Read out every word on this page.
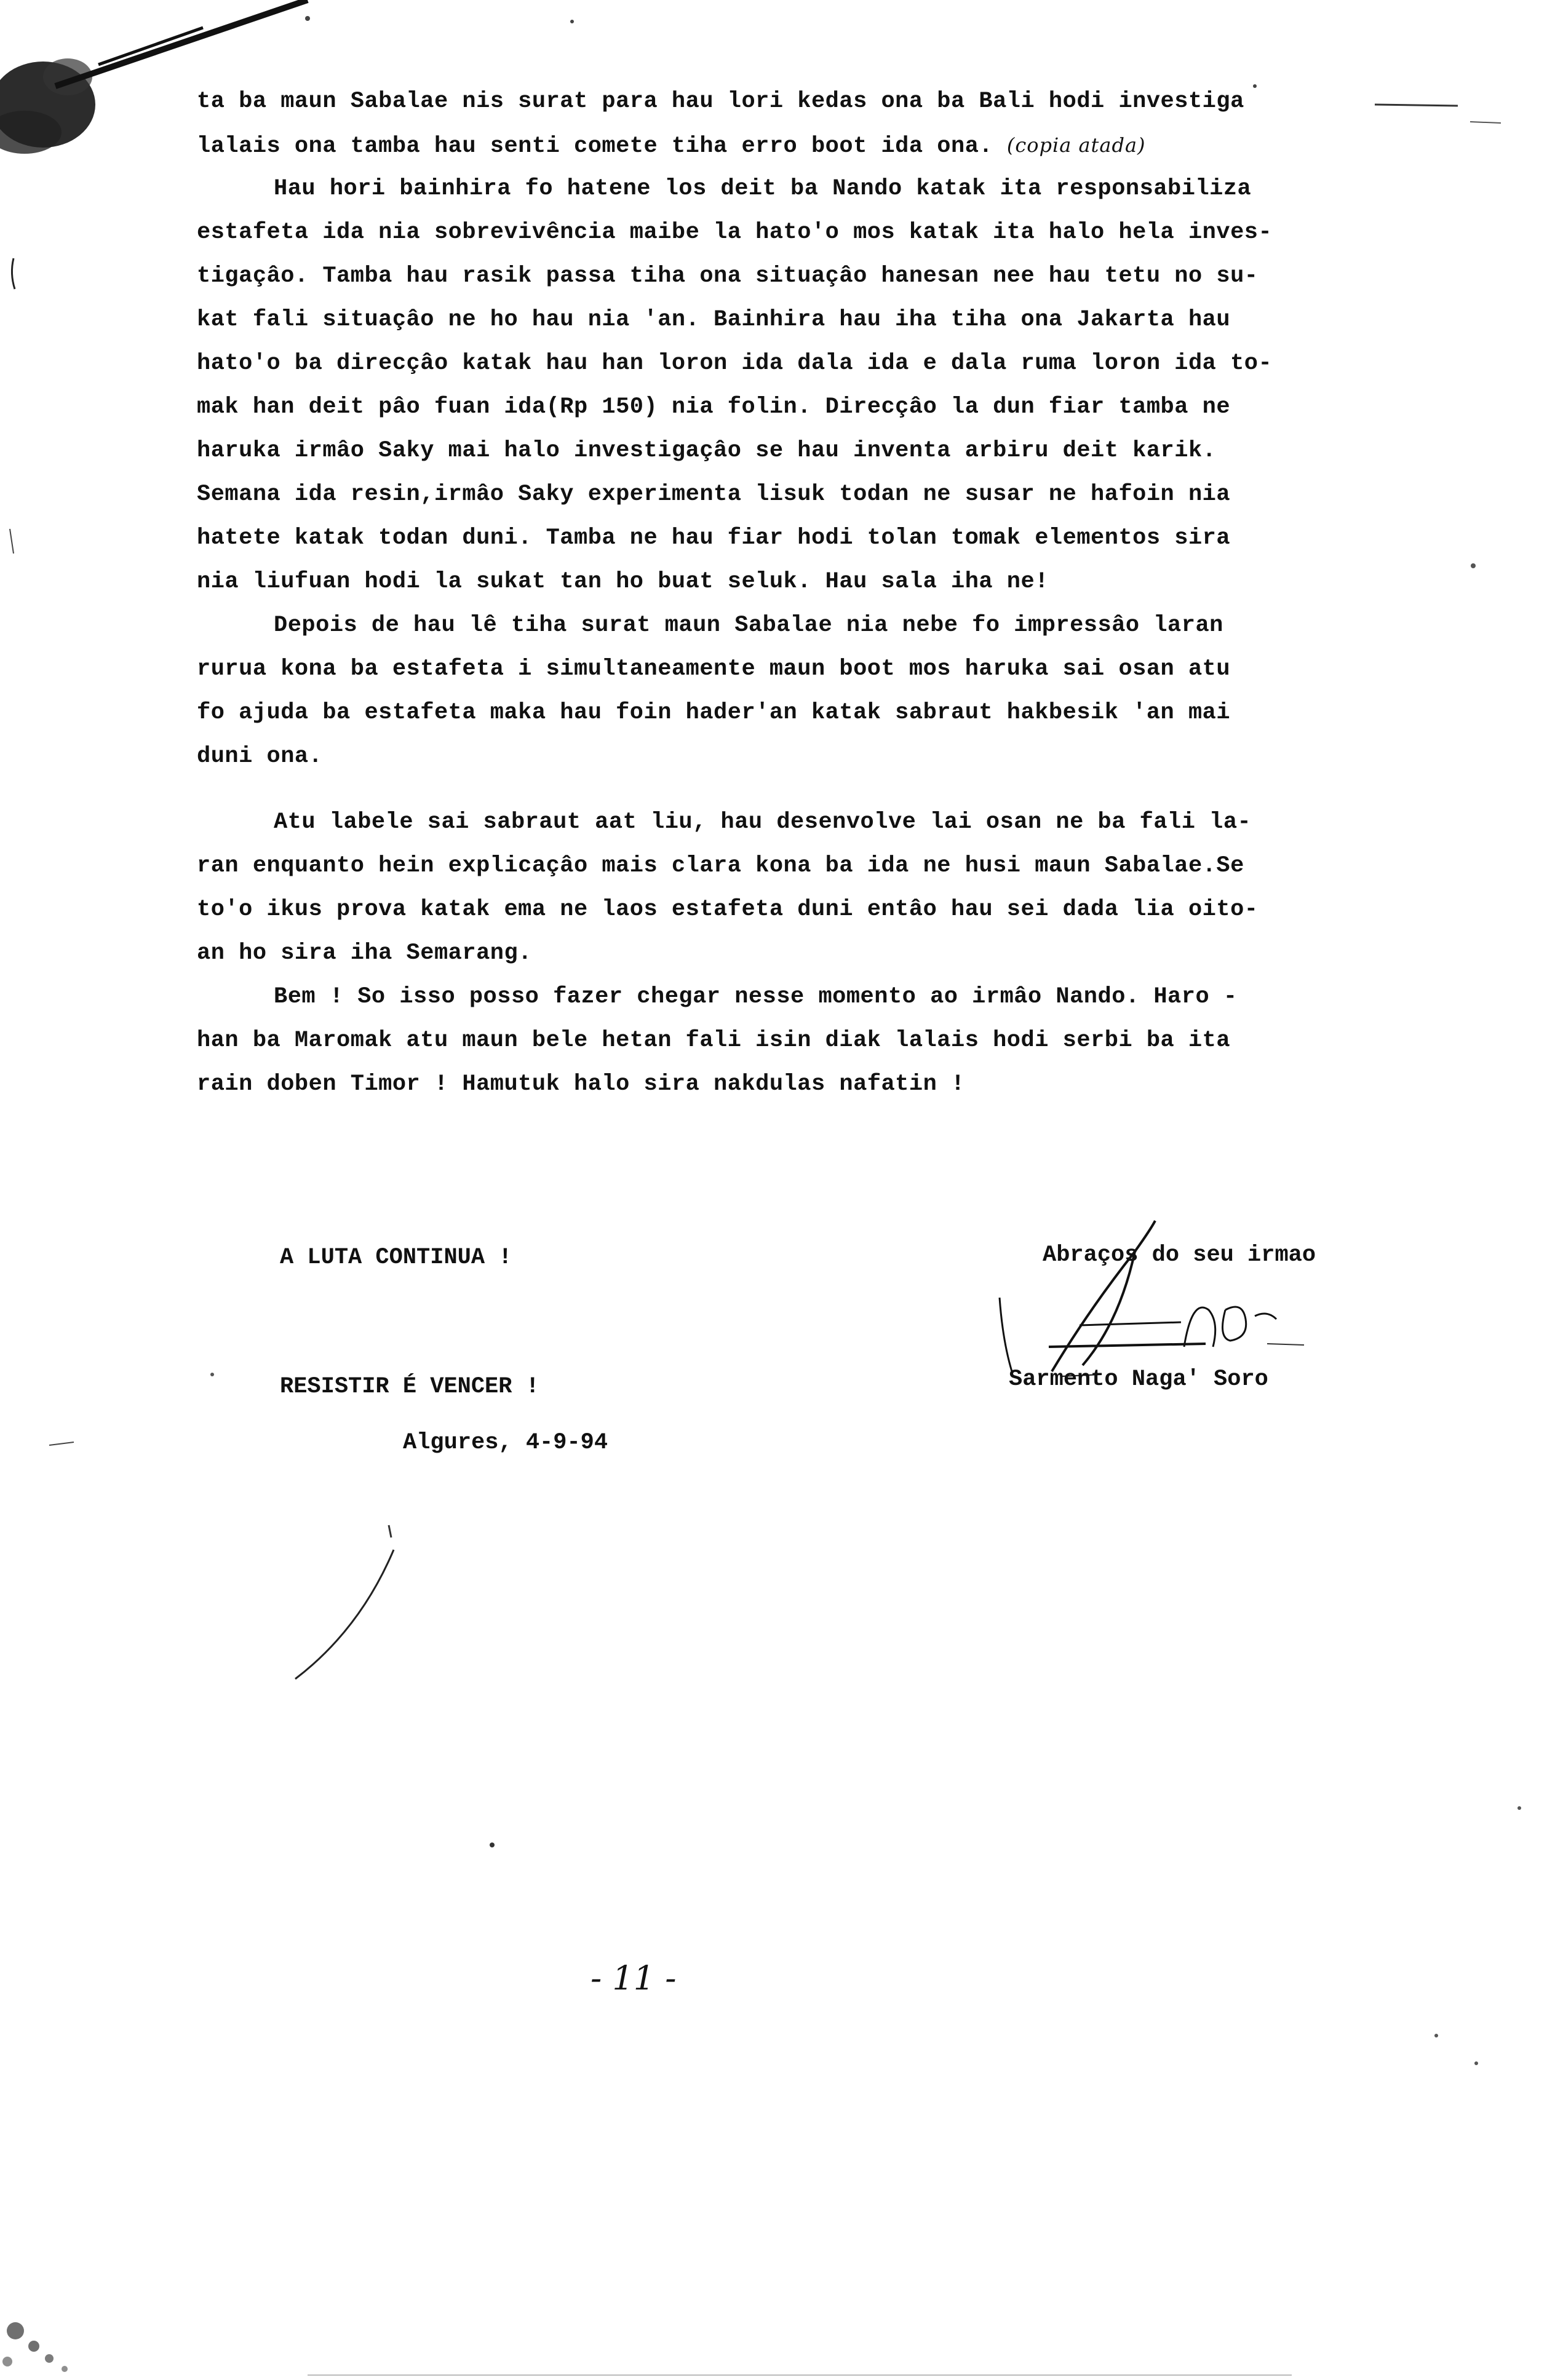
ta ba maun Sabalae nis surat para hau lori kedas ona ba Bali hodi investiga
lalais ona tamba hau senti comete tiha erro boot ida ona. (copia atada)
Hau hori bainhira fo hatene los deit ba Nando katak ita responsabiliza
estafeta ida nia sobrevivência maibe la hato'o mos katak ita halo hela inves-
tigaçâo. Tamba hau rasik passa tiha ona situaçâo hanesan nee hau tetu no su-
kat fali situaçâo ne ho hau nia 'an. Bainhira hau iha tiha ona Jakarta hau
hato'o ba direcçâo katak hau han loron ida dala ida e dala ruma loron ida to-
mak han deit pâo fuan ida(Rp 150) nia folin. Direcçâo la dun fiar tamba ne
haruka irmâo Saky mai halo investigaçâo se hau inventa arbiru deit karik.
Semana ida resin,irmâo Saky experimenta lisuk todan ne susar ne hafoin nia
hatete katak todan duni. Tamba ne hau fiar hodi tolan tomak elementos sira
nia liufuan hodi la sukat tan ho buat seluk. Hau sala iha ne!
Depois de hau lê tiha surat maun Sabalae nia nebe fo impressâo laran
rurua kona ba estafeta i simultaneamente maun boot mos haruka sai osan atu
fo ajuda ba estafeta maka hau foin hader'an katak sabraut hakbesik 'an mai
duni ona.
Atu labele sai sabraut aat liu, hau desenvolve lai osan ne ba fali la-
ran enquanto hein explicaçâo mais clara kona ba ida ne husi maun Sabalae.Se
to'o ikus prova katak ema ne laos estafeta duni entâo hau sei dada lia oito-
an ho sira iha Semarang.
Bem ! So isso posso fazer chegar nesse momento ao irmâo Nando. Haro -
han ba Maromak atu maun bele hetan fali isin diak lalais hodi serbi ba ita
rain doben Timor ! Hamutuk halo sira nakdulas nafatin !

A LUTA CONTINUA !

RESISTIR É VENCER !

Abraços do seu irmao
Sarmento Naga' Soro
Algures, 4-9-94
- 11 -
